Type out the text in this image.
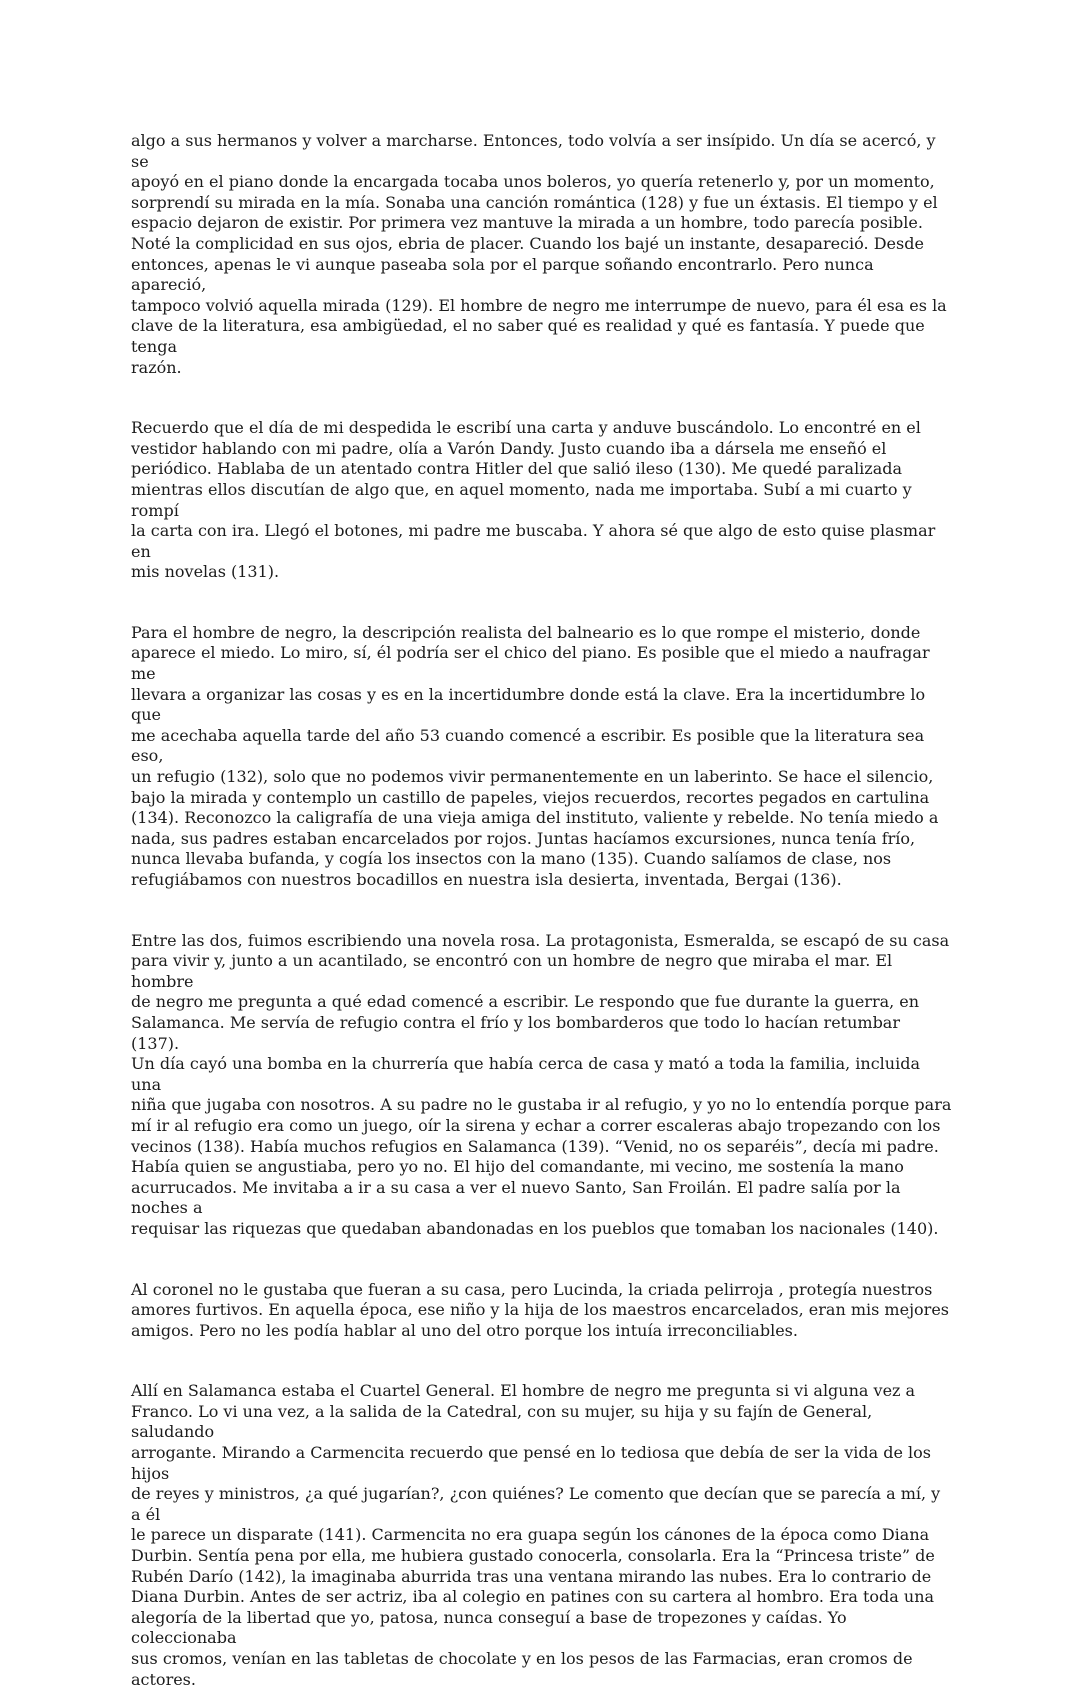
algo a sus hermanos y volver a marcharse. Entonces, todo volvía a ser insípido. Un día se acercó, y se
apoyó en el piano donde la encargada tocaba unos boleros, yo quería retenerlo y, por un momento,
sorprendí su mirada en la mía. Sonaba una canción romántica (128) y fue un éxtasis. El tiempo y el
espacio dejaron de existir. Por primera vez mantuve la mirada a un hombre, todo parecía posible.
Noté la complicidad en sus ojos, ebria de placer. Cuando los bajé un instante, desapareció. Desde
entonces, apenas le vi aunque paseaba sola por el parque soñando encontrarlo. Pero nunca apareció,
tampoco volvió aquella mirada (129). El hombre de negro me interrumpe de nuevo, para él esa es la
clave de la literatura, esa ambigüedad, el no saber qué es realidad y qué es fantasía. Y puede que tenga
razón.

Recuerdo que el día de mi despedida le escribí una carta y anduve buscándolo. Lo encontré en el
vestidor hablando con mi padre, olía a Varón Dandy. Justo cuando iba a dársela me enseñó el
periódico. Hablaba de un atentado contra Hitler del que salió ileso (130). Me quedé paralizada
mientras ellos discutían de algo que, en aquel momento, nada me importaba. Subí a mi cuarto y rompí
la carta con ira. Llegó el botones, mi padre me buscaba. Y ahora sé que algo de esto quise plasmar en
mis novelas (131).

Para el hombre de negro, la descripción realista del balneario es lo que rompe el misterio, donde
aparece el miedo. Lo miro, sí, él podría ser el chico del piano. Es posible que el miedo a naufragar me
llevara a organizar las cosas y es en la incertidumbre donde está la clave. Era la incertidumbre lo que
me acechaba aquella tarde del año 53 cuando comencé a escribir. Es posible que la literatura sea eso,
un refugio (132), solo que no podemos vivir permanentemente en un laberinto. Se hace el silencio,
bajo la mirada y contemplo un castillo de papeles, viejos recuerdos, recortes pegados en cartulina
(134). Reconozco la caligrafía de una vieja amiga del instituto, valiente y rebelde. No tenía miedo a
nada, sus padres estaban encarcelados por rojos. Juntas hacíamos excursiones, nunca tenía frío,
nunca llevaba bufanda, y cogía los insectos con la mano (135). Cuando salíamos de clase, nos
refugiábamos con nuestros bocadillos en nuestra isla desierta, inventada, Bergai (136).

Entre las dos, fuimos escribiendo una novela rosa. La protagonista, Esmeralda, se escapó de su casa
para vivir y, junto a un acantilado, se encontró con un hombre de negro que miraba el mar. El hombre
de negro me pregunta a qué edad comencé a escribir. Le respondo que fue durante la guerra, en
Salamanca. Me servía de refugio contra el frío y los bombarderos que todo lo hacían retumbar (137).
Un día cayó una bomba en la churrería que había cerca de casa y mató a toda la familia, incluida una
niña que jugaba con nosotros. A su padre no le gustaba ir al refugio, y yo no lo entendía porque para
mí ir al refugio era como un juego, oír la sirena y echar a correr escaleras abajo tropezando con los
vecinos (138). Había muchos refugios en Salamanca (139). “Venid, no os separéis”, decía mi padre.
Había quien se angustiaba, pero yo no. El hijo del comandante, mi vecino, me sostenía la mano
acurrucados. Me invitaba a ir a su casa a ver el nuevo Santo, San Froilán. El padre salía por la noches a
requisar las riquezas que quedaban abandonadas en los pueblos que tomaban los nacionales (140).

Al coronel no le gustaba que fueran a su casa, pero Lucinda, la criada pelirroja , protegía nuestros
amores furtivos. En aquella época, ese niño y la hija de los maestros encarcelados, eran mis mejores
amigos. Pero no les podía hablar al uno del otro porque los intuía irreconciliables.

Allí en Salamanca estaba el Cuartel General. El hombre de negro me pregunta si vi alguna vez a
Franco. Lo vi una vez, a la salida de la Catedral, con su mujer, su hija y su fajín de General, saludando
arrogante. Mirando a Carmencita recuerdo que pensé en lo tediosa que debía de ser la vida de los hijos
de reyes y ministros, ¿a qué jugarían?, ¿con quiénes? Le comento que decían que se parecía a mí, y a él
le parece un disparate (141). Carmencita no era guapa según los cánones de la época como Diana
Durbin. Sentía pena por ella, me hubiera gustado conocerla, consolarla. Era la “Princesa triste” de
Rubén Darío (142), la imaginaba aburrida tras una ventana mirando las nubes. Era lo contrario de
Diana Durbin. Antes de ser actriz, iba al colegio en patines con su cartera al hombro. Era toda una
alegoría de la libertad que yo, patosa, nunca conseguí a base de tropezones y caídas. Yo coleccionaba
sus cromos, venían en las tabletas de chocolate y en los pesos de las Farmacias, eran cromos de
actores.
